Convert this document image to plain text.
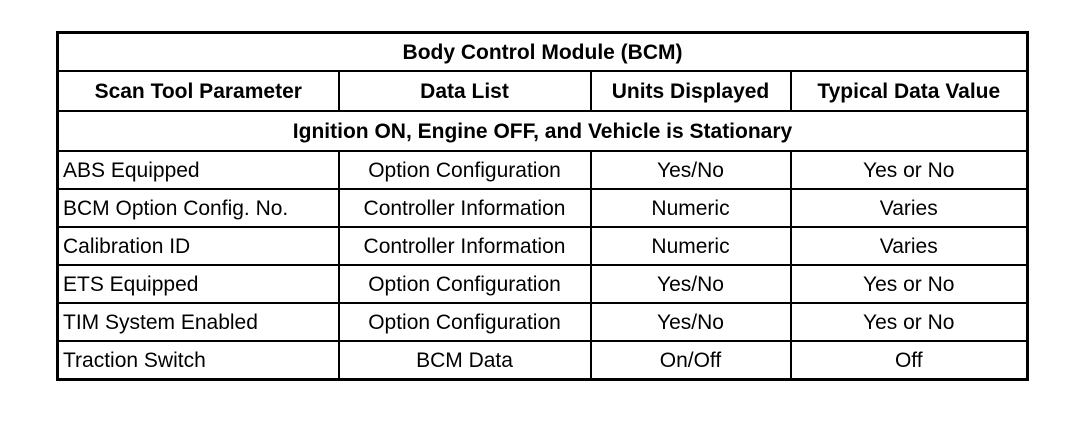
Body Control Module (BCM)			
Scan Tool Parameter	Data List	Units Displayed	Typical Data Value
Ignition ON, Engine OFF, and Vehicle is Stationary			
ABS Equipped	Option Configuration	Yes/No	Yes or No
BCM Option Config. No.	Controller Information	Numeric	Varies
Calibration ID	Controller Information	Numeric	Varies
ETS Equipped	Option Configuration	Yes/No	Yes or No
TIM System Enabled	Option Configuration	Yes/No	Yes or No
Traction Switch	BCM Data	On/Off	Off
